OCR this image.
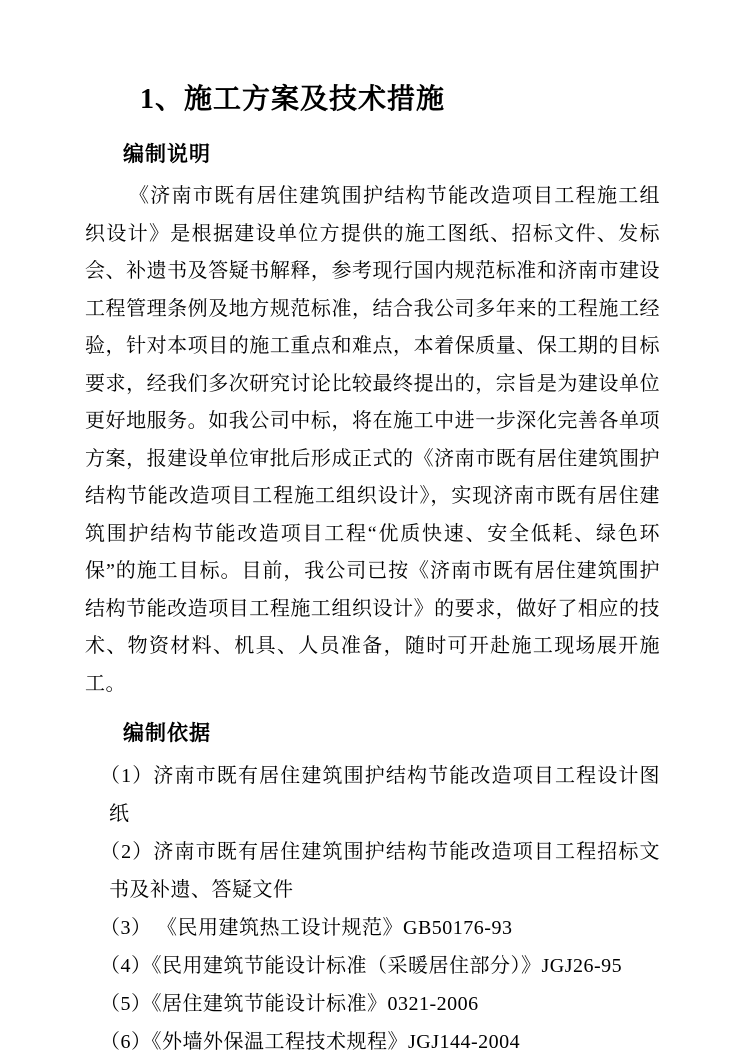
1、施工方案及技术措施
编制说明

《济南市既有居住建筑围护结构节能改造项目工程施工组织设计》是根据建设单位方提供的施工图纸、招标文件、发标会、补遗书及答疑书解释，参考现行国内规范标准和济南市建设工程管理条例及地方规范标准，结合我公司多年来的工程施工经验，针对本项目的施工重点和难点，本着保质量、保工期的目标要求，经我们多次研究讨论比较最终提出的，宗旨是为建设单位更好地服务。如我公司中标，将在施工中进一步深化完善各单项方案，报建设单位审批后形成正式的《济南市既有居住建筑围护结构节能改造项目工程施工组织设计》，实现济南市既有居住建筑围护结构节能改造项目工程“优质快速、安全低耗、绿色环保”的施工目标。目前，我公司已按《济南市既有居住建筑围护结构节能改造项目工程施工组织设计》的要求，做好了相应的技术、物资材料、机具、人员准备，随时可开赴施工现场展开施工。

编制依据
（1）济南市既有居住建筑围护结构节能改造项目工程设计图纸
（2）济南市既有居住建筑围护结构节能改造项目工程招标文书及补遗、答疑文件
（3） 《民用建筑热工设计规范》GB50176-93
（4）《民用建筑节能设计标准（采暖居住部分）》JGJ26-95
（5）《居住建筑节能设计标准》0321-2006
（6）《外墙外保温工程技术规程》JGJ144-2004
